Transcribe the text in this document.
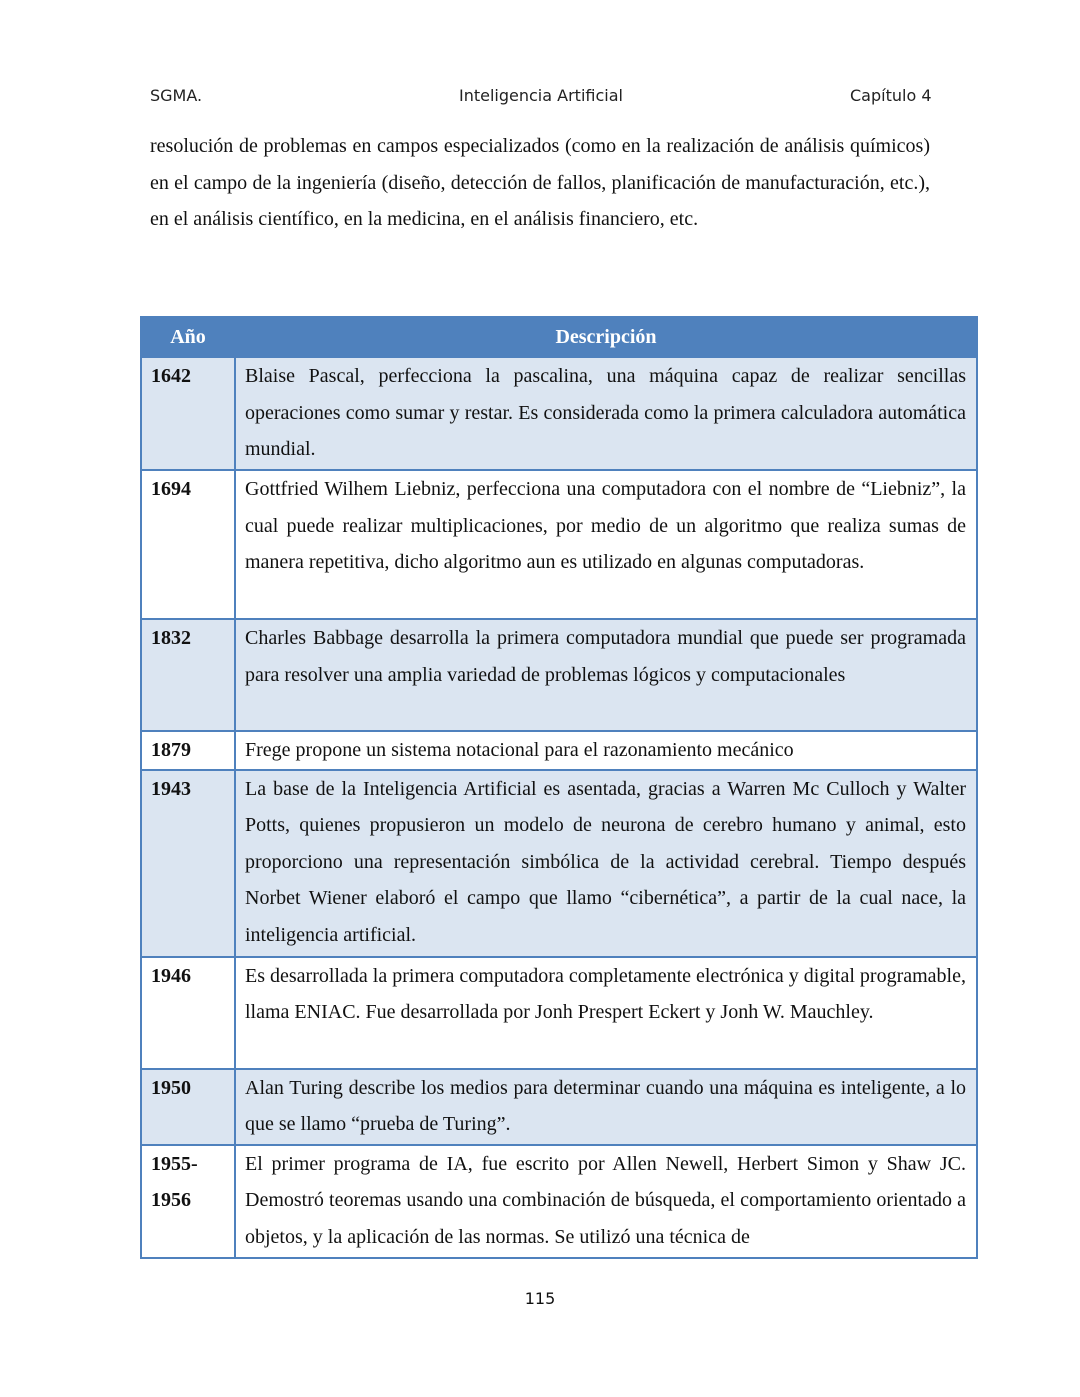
SGMA.	Inteligencia Artificial	Capítulo 4
resolución de problemas en campos especializados (como en la realización de análisis químicos) en el campo de la ingeniería (diseño, detección de fallos, planificación de manufacturación, etc.), en el análisis científico, en la medicina, en el análisis financiero, etc.
Año	Descripción
1642	Blaise Pascal, perfecciona la pascalina, una máquina capaz de realizar sencillas operaciones como sumar y restar. Es considerada como la primera calculadora automática mundial.
1694	Gottfried Wilhem Liebniz, perfecciona una computadora con el nombre de “Liebniz”, la cual puede realizar multiplicaciones, por medio de un algoritmo que realiza sumas de manera repetitiva, dicho algoritmo aun es utilizado en algunas computadoras.
1832	Charles Babbage desarrolla la primera computadora mundial que puede ser programada para resolver una amplia variedad de problemas lógicos y computacionales
1879	Frege propone un sistema notacional para el razonamiento mecánico
1943	La base de la Inteligencia Artificial es asentada, gracias a Warren Mc Culloch y Walter Potts, quienes propusieron un modelo de neurona de cerebro humano y animal, esto proporciono una representación simbólica de la actividad cerebral. Tiempo después Norbet Wiener elaboró el campo que llamo “cibernética”, a partir de la cual nace, la inteligencia artificial.
1946	Es desarrollada la primera computadora completamente electrónica y digital programable, llama ENIAC. Fue desarrollada por Jonh Prespert Eckert y Jonh W. Mauchley.
1950	Alan Turing describe los medios para determinar cuando una máquina es inteligente, a lo que se llamo “prueba de Turing”.
1955-
1956	El primer programa de IA, fue escrito por Allen Newell, Herbert Simon y Shaw JC. Demostró teoremas usando una combinación de búsqueda, el comportamiento orientado a objetos, y la aplicación de las normas. Se utilizó una técnica de
115
